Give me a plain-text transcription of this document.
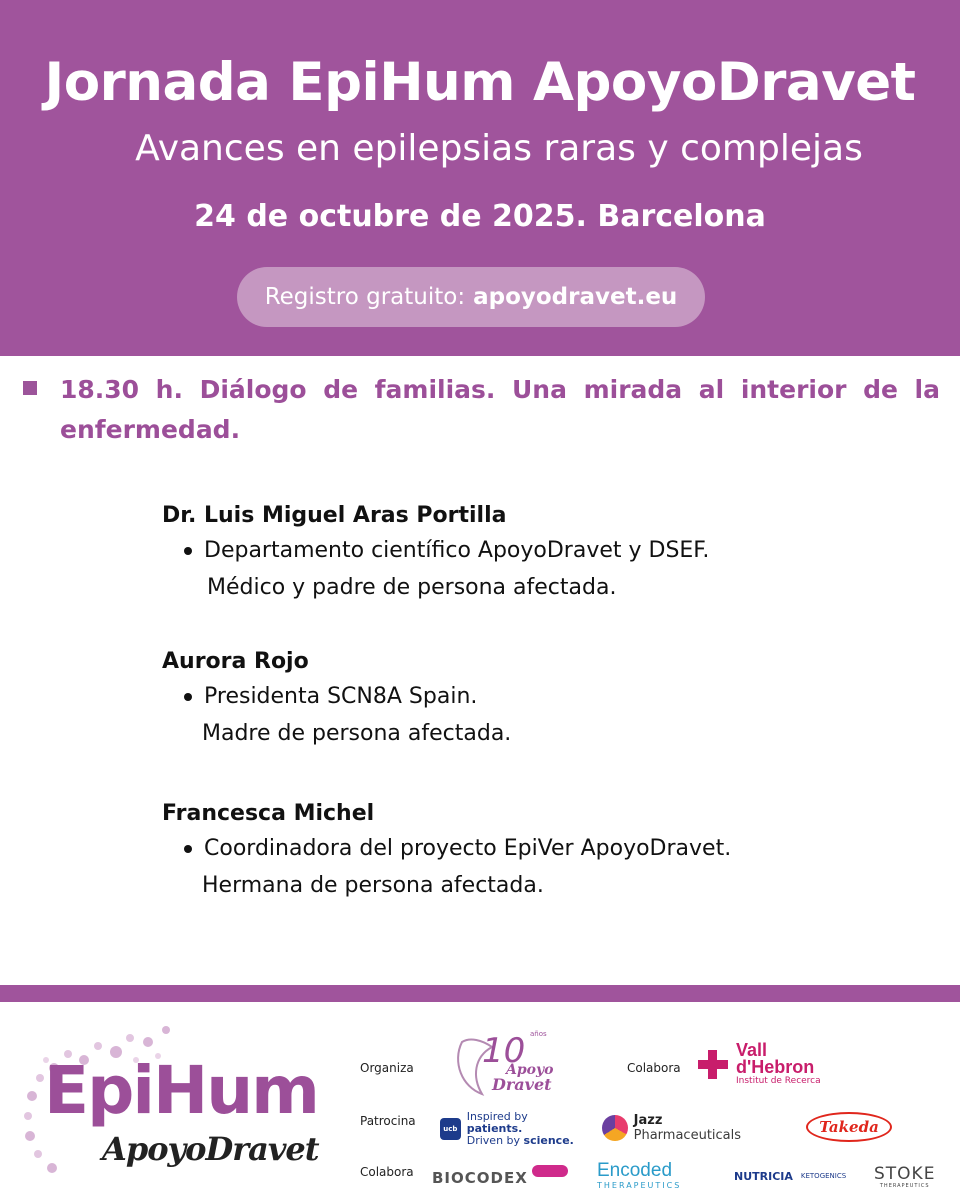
Jornada EpiHum ApoyoDravet
Avances en epilepsias raras y complejas
24 de octubre de 2025. Barcelona
Registro gratuito: apoyodravet.eu
18.30 h. Diálogo de familias. Una mirada al interior de la enfermedad.
Dr. Luis Miguel Aras Portilla
Departamento científico ApoyoDravet y DSEF.
Médico y padre de persona afectada.
Aurora Rojo
Presidenta SCN8A Spain.
Madre de persona afectada.
Francesca Michel
Coordinadora del proyecto EpiVer ApoyoDravet.
Hermana de persona afectada.
EpiHum
ApoyoDravet
Organiza	Colabora
Patrocina
Colabora
10 años
Apoyo
Dravet
Vall
d'Hebron
Institut de Recerca
ucb
Inspired by patients.
Driven by science.
Jazz Pharmaceuticals	Takeda
BIOCODEX	Encoded
THERAPEUTICS
NUTRICIA KETOGENICS STOKE
THERAPEUTICS
